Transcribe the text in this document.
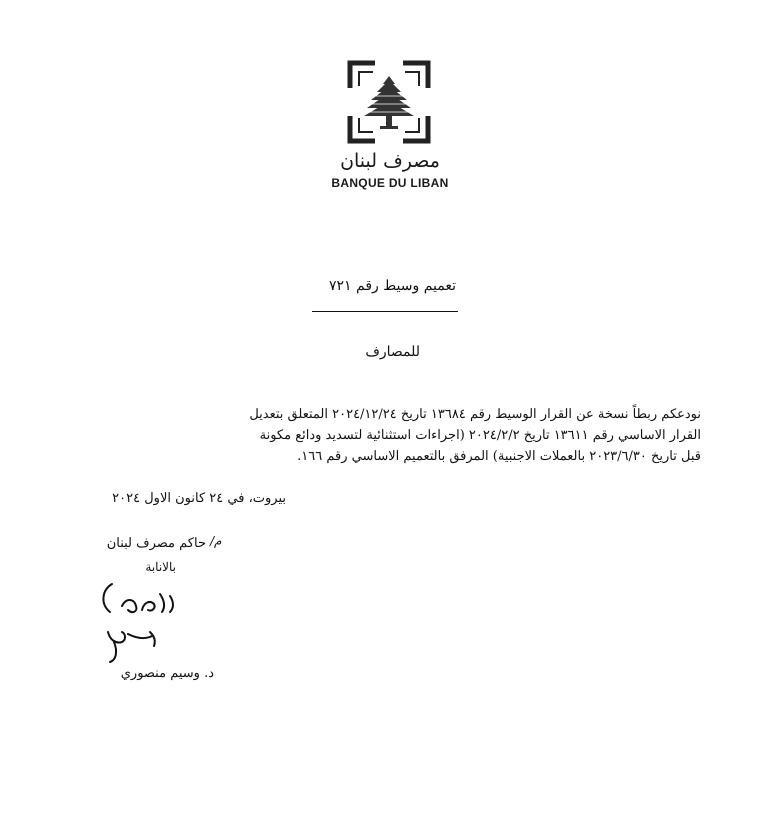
مصرف لبنان
BANQUE DU LIBAN
تعميم وسيط رقم ٧٢١
للمصارف
نودعكم ربطاً نسخة عن القرار الوسيط رقم ١٣٦٨٤ تاريخ ٢٠٢٤/١٢/٢٤ المتعلق بتعديل
القرار الاساسي رقم ١٣٦١١ تاريخ ٢٠٢٤/٢/٢ (اجراءات استثنائية لتسديد ودائع مكونة
قبل تاريخ ٢٠٢٣/٦/٣٠ بالعملات الاجنبية) المرفق بالتعميم الاساسي رقم ١٦٦.
بيروت، في ٢٤ كانون الاول ٢٠٢٤
/م
حاكم مصرف لبنان
بالانابة
د. وسيم منصوري
